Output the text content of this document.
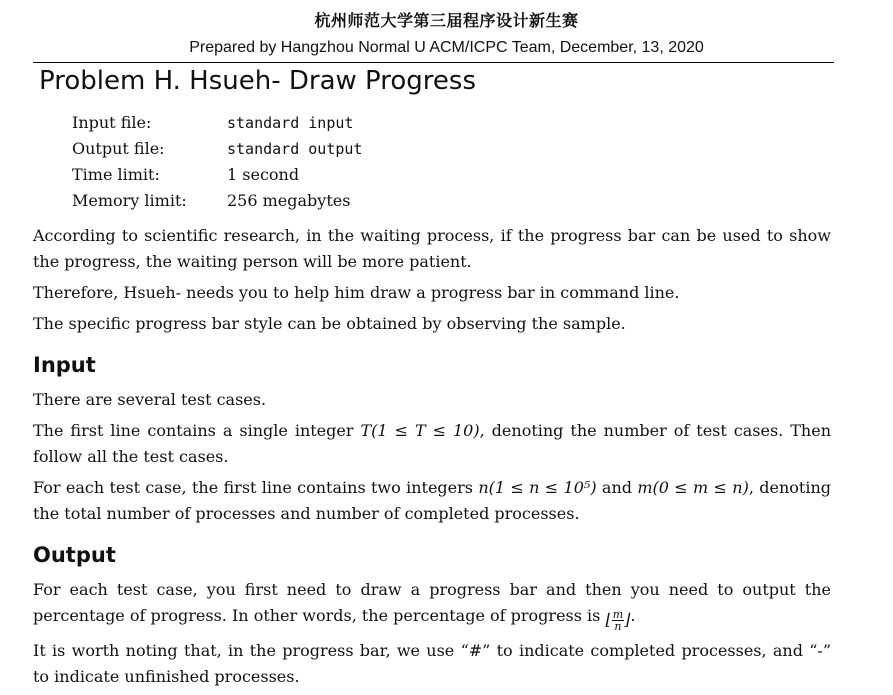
杭州师范大学第三届程序设计新生赛
Prepared by Hangzhou Normal U ACM/ICPC Team, December, 13, 2020
Problem H. Hsueh- Draw Progress
Input file:	standard input
Output file:	standard output
Time limit:	1 second
Memory limit:	256 megabytes

According to scientific research, in the waiting process, if the progress bar can be used to show the progress, the waiting person will be more patient.

Therefore, Hsueh- needs you to help him draw a progress bar in command line.

The specific progress bar style can be obtained by observing the sample.

Input

There are several test cases.

The first line contains a single integer T(1 ≤ T ≤ 10), denoting the number of test cases. Then follow all the test cases.

For each test case, the first line contains two integers n(1 ≤ n ≤ 10⁵) and m(0 ≤ m ≤ n), denoting the total number of processes and number of completed processes.

Output

For each test case, you first need to draw a progress bar and then you need to output the percentage of progress. In other words, the percentage of progress is ⌊ $\frac{m}{n}$ ⌋.

It is worth noting that, in the progress bar, we use “#” to indicate completed processes, and “-” to indicate unfinished processes.
